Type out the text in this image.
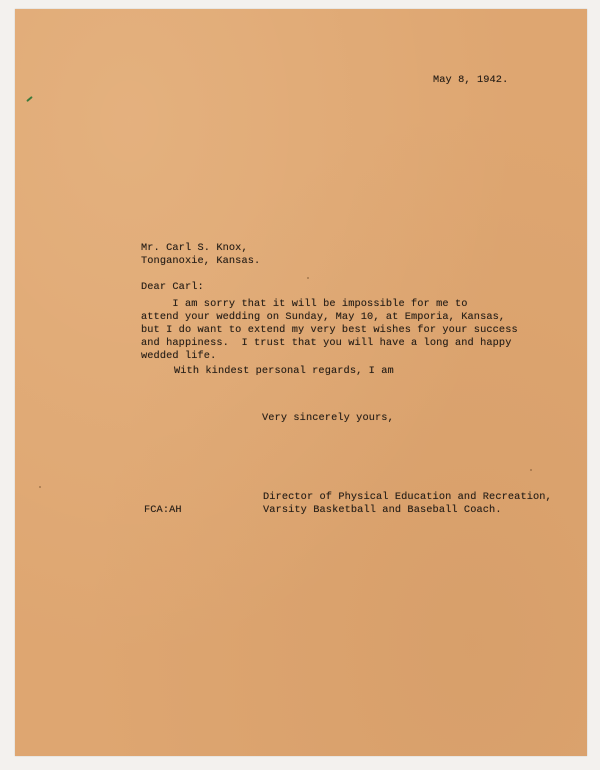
May 8, 1942.
Mr. Carl S. Knox,
Tonganoxie, Kansas.
Dear Carl:
I am sorry that it will be impossible for me to
attend your wedding on Sunday, May 10, at Emporia, Kansas,
but I do want to extend my very best wishes for your success
and happiness.  I trust that you will have a long and happy
wedded life.
With kindest personal regards, I am
Very sincerely yours,
FCA:AH
Director of Physical Education and Recreation,
Varsity Basketball and Baseball Coach.
